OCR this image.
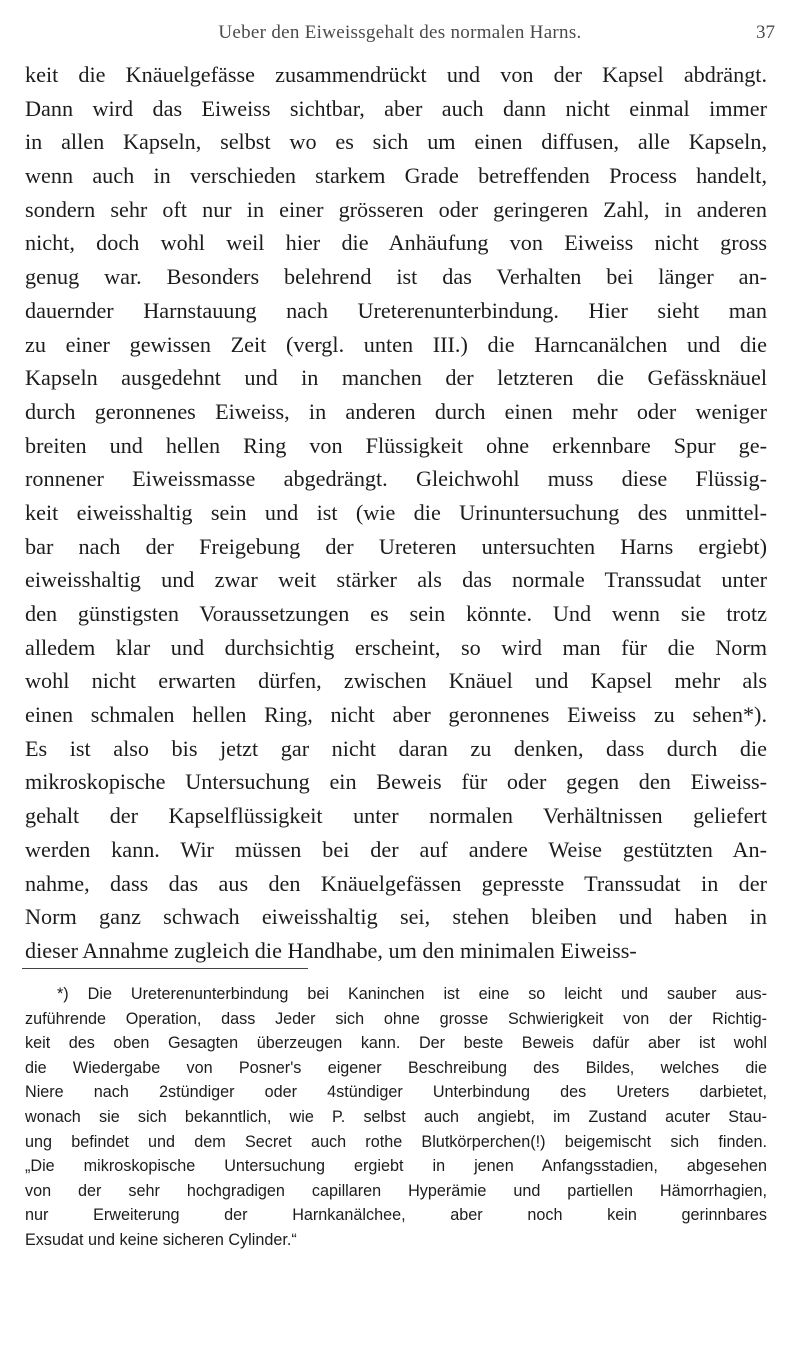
Ueber den Eiweissgehalt des normalen Harns.	37
keit die Knäuelgefässe zusammendrückt und von der Kapsel abdrängt.
Dann wird das Eiweiss sichtbar, aber auch dann nicht einmal immer
in allen Kapseln, selbst wo es sich um einen diffusen, alle Kapseln,
wenn auch in verschieden starkem Grade betreffenden Process handelt,
sondern sehr oft nur in einer grösseren oder geringeren Zahl, in anderen
nicht, doch wohl weil hier die Anhäufung von Eiweiss nicht gross
genug war. Besonders belehrend ist das Verhalten bei länger an-
dauernder Harnstauung nach Ureterenunterbindung. Hier sieht man
zu einer gewissen Zeit (vergl. unten III.) die Harncanälchen und die
Kapseln ausgedehnt und in manchen der letzteren die Gefässknäuel
durch geronnenes Eiweiss, in anderen durch einen mehr oder weniger
breiten und hellen Ring von Flüssigkeit ohne erkennbare Spur ge-
ronnener Eiweissmasse abgedrängt. Gleichwohl muss diese Flüssig-
keit eiweisshaltig sein und ist (wie die Urinuntersuchung des unmittel-
bar nach der Freigebung der Ureteren untersuchten Harns ergiebt)
eiweisshaltig und zwar weit stärker als das normale Transsudat unter
den günstigsten Voraussetzungen es sein könnte. Und wenn sie trotz
alledem klar und durchsichtig erscheint, so wird man für die Norm
wohl nicht erwarten dürfen, zwischen Knäuel und Kapsel mehr als
einen schmalen hellen Ring, nicht aber geronnenes Eiweiss zu sehen*).
Es ist also bis jetzt gar nicht daran zu denken, dass durch die
mikroskopische Untersuchung ein Beweis für oder gegen den Eiweiss-
gehalt der Kapselflüssigkeit unter normalen Verhältnissen geliefert
werden kann. Wir müssen bei der auf andere Weise gestützten An-
nahme, dass das aus den Knäuelgefässen gepresste Transsudat in der
Norm ganz schwach eiweisshaltig sei, stehen bleiben und haben in
dieser Annahme zugleich die Handhabe, um den minimalen Eiweiss-
*) Die Ureterenunterbindung bei Kaninchen ist eine so leicht und sauber aus-
zuführende Operation, dass Jeder sich ohne grosse Schwierigkeit von der Richtig-
keit des oben Gesagten überzeugen kann. Der beste Beweis dafür aber ist wohl
die Wiedergabe von Posner's eigener Beschreibung des Bildes, welches die
Niere nach 2stündiger oder 4stündiger Unterbindung des Ureters darbietet,
wonach sie sich bekanntlich, wie P. selbst auch angiebt, im Zustand acuter Stau-
ung befindet und dem Secret auch rothe Blutkörperchen(!) beigemischt sich finden.
„Die mikroskopische Untersuchung ergiebt in jenen Anfangsstadien, abgesehen
von der sehr hochgradigen capillaren Hyperämie und partiellen Hämorrhagien,
nur Erweiterung der Harnkanälchee, aber noch kein gerinnbares
Exsudat und keine sicheren Cylinder.“
